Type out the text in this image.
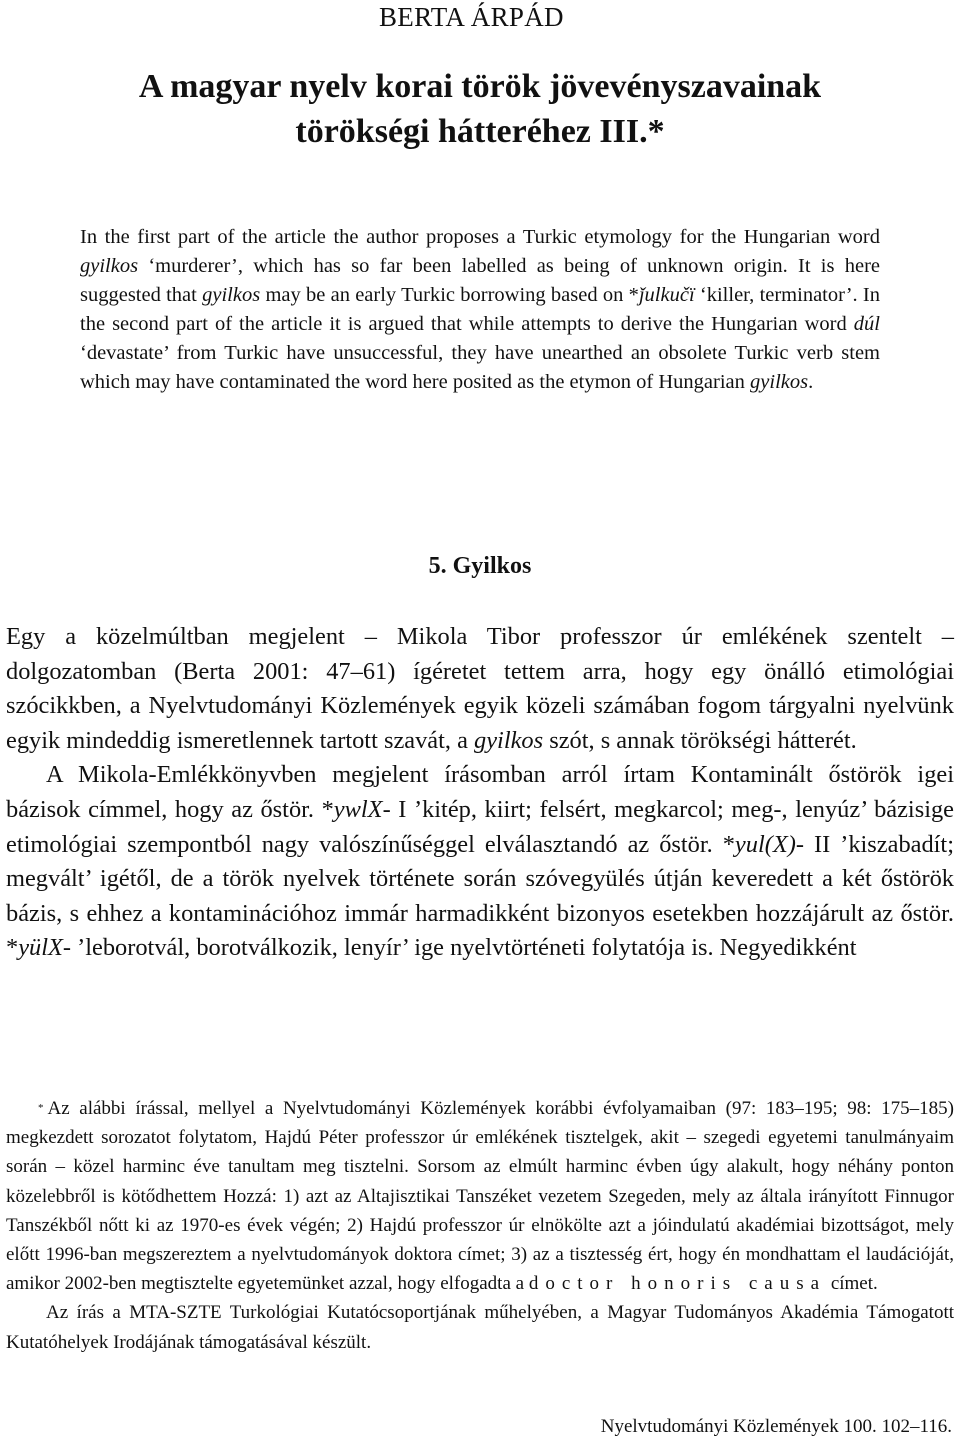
BERTA ÁRPÁD
A magyar nyelv korai török jövevényszavainak
törökségi hátteréhez III.*

In the first part of the article the author proposes a Turkic etymology for the Hungarian word gyilkos ‘murderer’, which has so far been labelled as being of unknown origin. It is here suggested that gyilkos may be an early Turkic borrowing based on *ǰulkučï ‘killer, terminator’. In the second part of the article it is argued that while attempts to derive the Hungarian word dúl ‘devastate’ from Turkic have unsuccessful, they have unearthed an obsolete Turkic verb stem which may have contaminated the word here posited as the etymon of Hungarian gyilkos.

5. Gyilkos

Egy a közelmúltban megjelent – Mikola Tibor professzor úr emlékének szentelt – dolgozatomban (Berta 2001: 47–61) ígéretet tettem arra, hogy egy önálló etimológiai szócikkben, a Nyelvtudományi Közlemények egyik közeli számában fogom tárgyalni nyelvünk egyik mindeddig ismeretlennek tartott szavát, a gyilkos szót, s annak törökségi hátterét.

A Mikola-Emlékkönyvben megjelent írásomban arról írtam Kontaminált őstörök igei bázisok címmel, hogy az őstör. *ywlX- I ’kitép, kiirt; felsért, megkarcol; meg-, lenyúz’ bázisige etimológiai szempontból nagy valószínűséggel elválasztandó az őstör. *yul(X)- II ’kiszabadít; megvált’ igétől, de a török nyelvek története során szóvegyülés útján keveredett a két őstörök bázis, s ehhez a kontaminációhoz immár harmadikként bizonyos esetekben hozzájárult az őstör. *yülX- ’leborotvál, borotválkozik, lenyír’ ige nyelvtörténeti folytatója is. Negyedikként

* Az alábbi írással, mellyel a Nyelvtudományi Közlemények korábbi évfolyamaiban (97: 183–195; 98: 175–185) megkezdett sorozatot folytatom, Hajdú Péter professzor úr emlékének tisztelgek, akit – szegedi egyetemi tanulmányaim során – közel harminc éve tanultam meg tisztelni. Sorsom az elmúlt harminc évben úgy alakult, hogy néhány ponton közelebbről is kötődhettem Hozzá: 1) azt az Altajisztikai Tanszéket vezetem Szegeden, mely az általa irányított Finnugor Tanszékből nőtt ki az 1970-es évek végén; 2) Hajdú professzor úr elnökölte azt a jóindulatú akadémiai bizottságot, mely előtt 1996-ban megszereztem a nyelvtudományok doktora címet; 3) az a tisztesség ért, hogy én mondhattam el laudációját, amikor 2002-ben megtisztelte egyetemünket azzal, hogy elfogadta a doctor honoris causa címet.

Az írás a MTA-SZTE Turkológiai Kutatócsoportjának műhelyében, a Magyar Tudományos Akadémia Támogatott Kutatóhelyek Irodájának támogatásával készült.

Nyelvtudományi Közlemények 100. 102–116.
